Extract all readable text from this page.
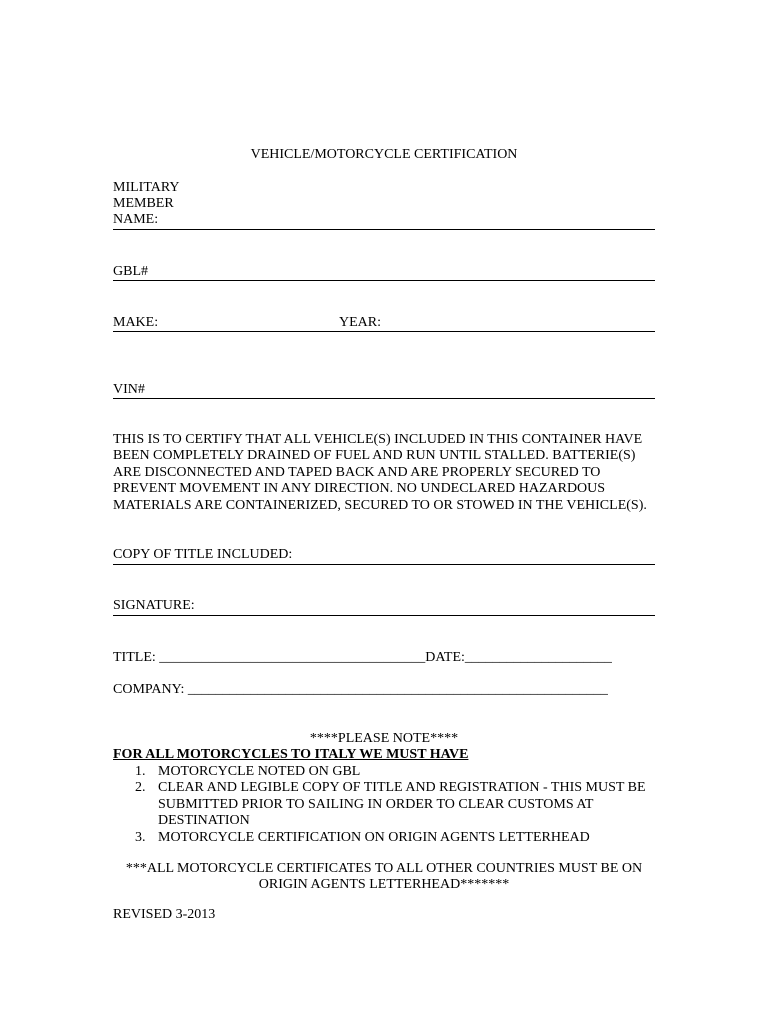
VEHICLE/MOTORCYCLE CERTIFICATION
MILITARY
MEMBER
NAME:
GBL#
MAKE:	YEAR:
VIN#
THIS IS TO CERTIFY THAT ALL VEHICLE(S) INCLUDED IN THIS CONTAINER HAVE
BEEN COMPLETELY DRAINED OF FUEL AND RUN UNTIL STALLED. BATTERIE(S)
ARE DISCONNECTED AND TAPED BACK AND ARE PROPERLY SECURED TO
PREVENT MOVEMENT IN ANY DIRECTION. NO UNDECLARED HAZARDOUS
MATERIALS ARE CONTAINERIZED, SECURED TO OR STOWED IN THE VEHICLE(S).
COPY OF TITLE INCLUDED:
SIGNATURE:
TITLE: ______________________________________DATE:_____________________
COMPANY: ____________________________________________________________
****PLEASE NOTE****
FOR ALL MOTORCYCLES TO ITALY WE MUST HAVE
1. MOTORCYCLE NOTED ON GBL
2. CLEAR AND LEGIBLE COPY OF TITLE AND REGISTRATION - THIS MUST BE
SUBMITTED PRIOR TO SAILING IN ORDER TO CLEAR CUSTOMS AT
DESTINATION
3. MOTORCYCLE CERTIFICATION ON ORIGIN AGENTS LETTERHEAD
***ALL MOTORCYCLE CERTIFICATES TO ALL OTHER COUNTRIES MUST BE ON
ORIGIN AGENTS LETTERHEAD*******
REVISED 3-2013
